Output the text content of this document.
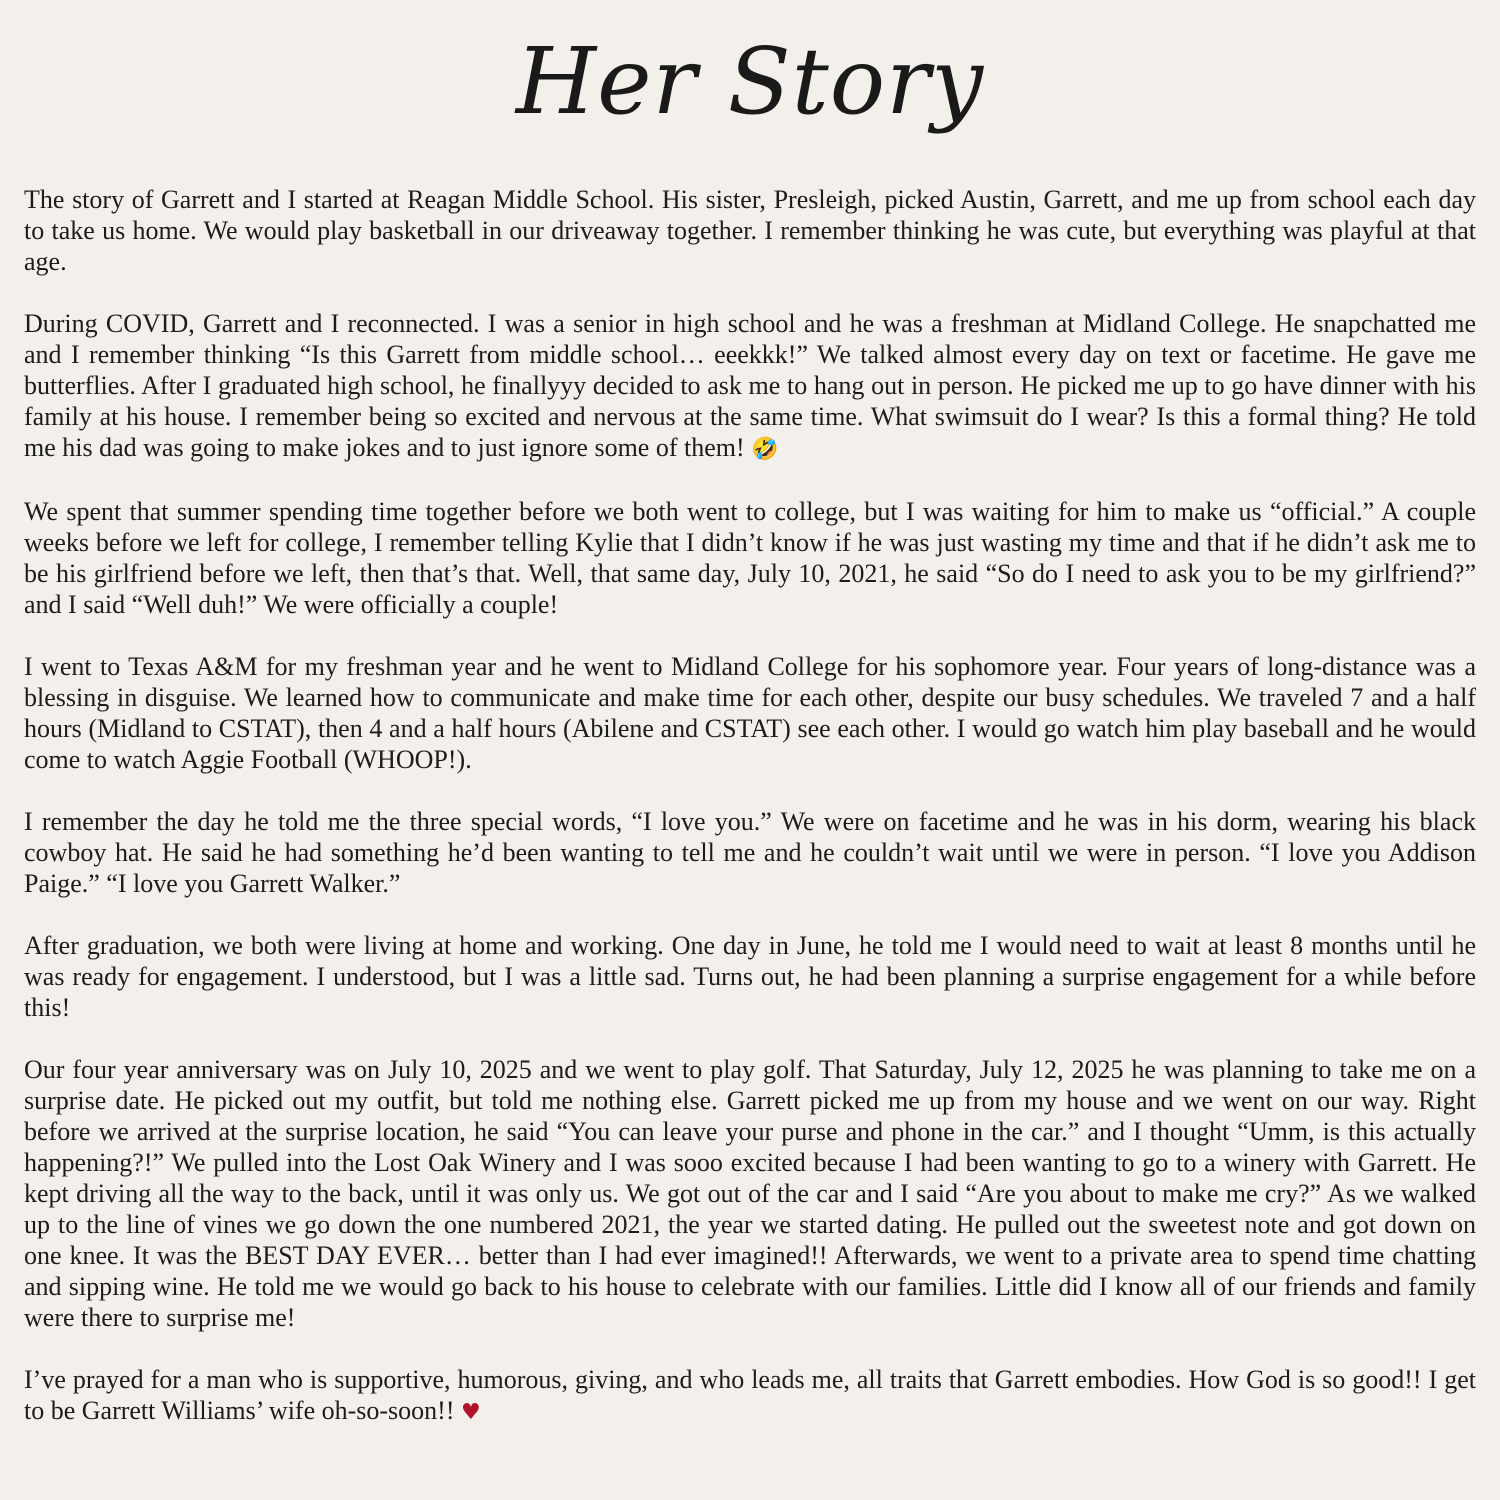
Her Story

The story of Garrett and I started at Reagan Middle School. His sister, Presleigh, picked Austin, Garrett, and me up from school each day to take us home. We would play basketball in our driveaway together. I remember thinking he was cute, but everything was playful at that age.

During COVID, Garrett and I reconnected. I was a senior in high school and he was a freshman at Midland College. He snapchatted me and I remember thinking “Is this Garrett from middle school… eeekkk!” We talked almost every day on text or facetime. He gave me butterflies. After I graduated high school, he finallyyy decided to ask me to hang out in person. He picked me up to go have dinner with his family at his house. I remember being so excited and nervous at the same time. What swimsuit do I wear? Is this a formal thing? He told me his dad was going to make jokes and to just ignore some of them! 🤣

We spent that summer spending time together before we both went to college, but I was waiting for him to make us “official.” A couple weeks before we left for college, I remember telling Kylie that I didn’t know if he was just wasting my time and that if he didn’t ask me to be his girlfriend before we left, then that’s that. Well, that same day, July 10, 2021, he said “So do I need to ask you to be my girlfriend?” and I said “Well duh!” We were officially a couple!

I went to Texas A&M for my freshman year and he went to Midland College for his sophomore year. Four years of long-distance was a blessing in disguise. We learned how to communicate and make time for each other, despite our busy schedules. We traveled 7 and a half hours (Midland to CSTAT), then 4 and a half hours (Abilene and CSTAT) see each other. I would go watch him play baseball and he would come to watch Aggie Football (WHOOP!).

I remember the day he told me the three special words, “I love you.” We were on facetime and he was in his dorm, wearing his black cowboy hat. He said he had something he’d been wanting to tell me and he couldn’t wait until we were in person. “I love you Addison Paige.” “I love you Garrett Walker.”

After graduation, we both were living at home and working. One day in June, he told me I would need to wait at least 8 months until he was ready for engagement. I understood, but I was a little sad. Turns out, he had been planning a surprise engagement for a while before this!

Our four year anniversary was on July 10, 2025 and we went to play golf. That Saturday, July 12, 2025 he was planning to take me on a surprise date. He picked out my outfit, but told me nothing else. Garrett picked me up from my house and we went on our way. Right before we arrived at the surprise location, he said “You can leave your purse and phone in the car.” and I thought “Umm, is this actually happening?!” We pulled into the Lost Oak Winery and I was sooo excited because I had been wanting to go to a winery with Garrett. He kept driving all the way to the back, until it was only us. We got out of the car and I said “Are you about to make me cry?” As we walked up to the line of vines we go down the one numbered 2021, the year we started dating. He pulled out the sweetest note and got down on one knee. It was the BEST DAY EVER… better than I had ever imagined!! Afterwards, we went to a private area to spend time chatting and sipping wine. He told me we would go back to his house to celebrate with our families. Little did I know all of our friends and family were there to surprise me!

I’ve prayed for a man who is supportive, humorous, giving, and who leads me, all traits that Garrett embodies. How God is so good!! I get to be Garrett Williams’ wife oh-so-soon!! ♥
